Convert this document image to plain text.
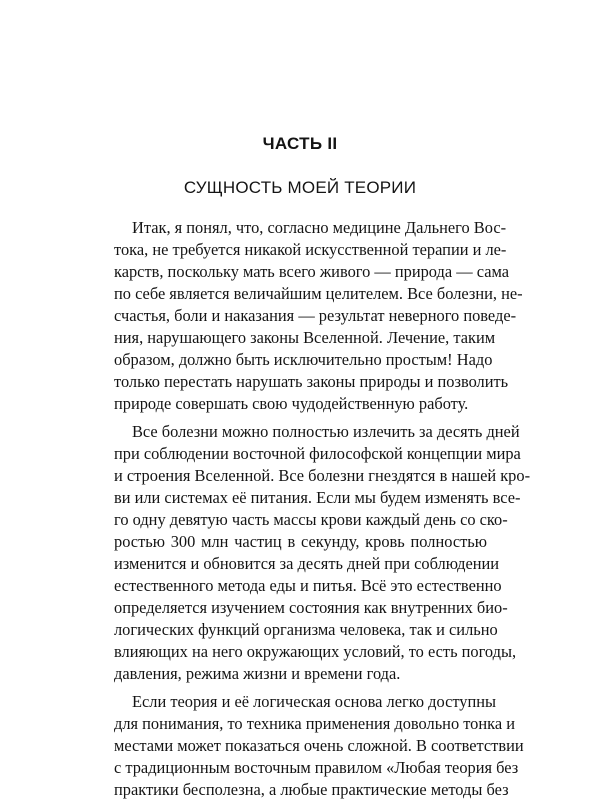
ЧАСТЬ II
СУЩНОСТЬ МОЕЙ ТЕОРИИ
Итак, я понял, что, согласно медицине Дальнего Вос-
тока, не требуется никакой искусственной терапии и ле-
карств, поскольку мать всего живого — природа — сама
по себе является величайшим целителем. Все болезни, не-
счастья, боли и наказания — результат неверного поведе-
ния, нарушающего законы Вселенной. Лечение, таким
образом, должно быть исключительно простым! Надо
только перестать нарушать законы природы и позволить
природе совершать свою чудодейственную работу.
Все болезни можно полностью излечить за десять дней
при соблюдении восточной философской концепции мира
и строения Вселенной. Все болезни гнездятся в нашей кро-
ви или системах её питания. Если мы будем изменять все-
го одну девятую часть массы крови каждый день со ско-
ростью 300 млн частиц в секунду, кровь полностью
изменится и обновится за десять дней при соблюдении
естественного метода еды и питья. Всё это естественно
определяется изучением состояния как внутренних био-
логических функций организма человека, так и сильно
влияющих на него окружающих условий, то есть погоды,
давления, режима жизни и времени года.
Если теория и её логическая основа легко доступны
для понимания, то техника применения довольно тонка и
местами может показаться очень сложной. В соответствии
с традиционным восточным правилом «Любая теория без
практики бесполезна, а любые практические методы без
